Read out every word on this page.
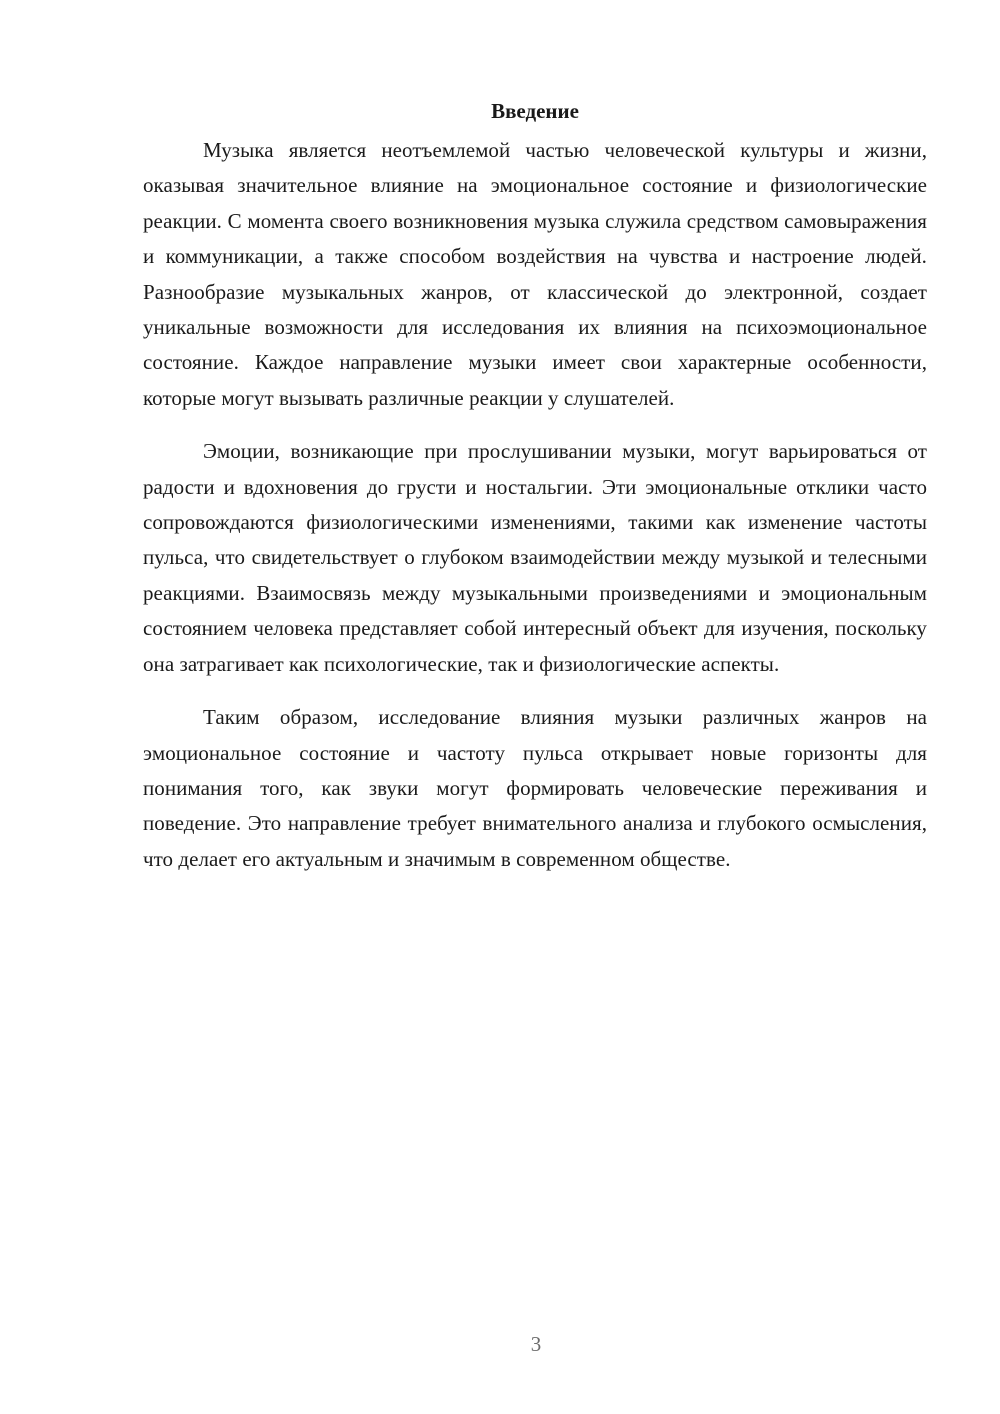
Введение

Музыка является неотъемлемой частью человеческой культуры и жизни, оказывая значительное влияние на эмоциональное состояние и физиологические реакции. С момента своего возникновения музыка служила средством самовыражения и коммуникации, а также способом воздействия на чувства и настроение людей. Разнообразие музыкальных жанров, от классической до электронной, создает уникальные возможности для исследования их влияния на психоэмоциональное состояние. Каждое направление музыки имеет свои характерные особенности, которые могут вызывать различные реакции у слушателей.

Эмоции, возникающие при прослушивании музыки, могут варьироваться от радости и вдохновения до грусти и ностальгии. Эти эмоциональные отклики часто сопровождаются физиологическими изменениями, такими как изменение частоты пульса, что свидетельствует о глубоком взаимодействии между музыкой и телесными реакциями. Взаимосвязь между музыкальными произведениями и эмоциональным состоянием человека представляет собой интересный объект для изучения, поскольку она затрагивает как психологические, так и физиологические аспекты.

Таким образом, исследование влияния музыки различных жанров на эмоциональное состояние и частоту пульса открывает новые горизонты для понимания того, как звуки могут формировать человеческие переживания и поведение. Это направление требует внимательного анализа и глубокого осмысления, что делает его актуальным и значимым в современном обществе.

3
